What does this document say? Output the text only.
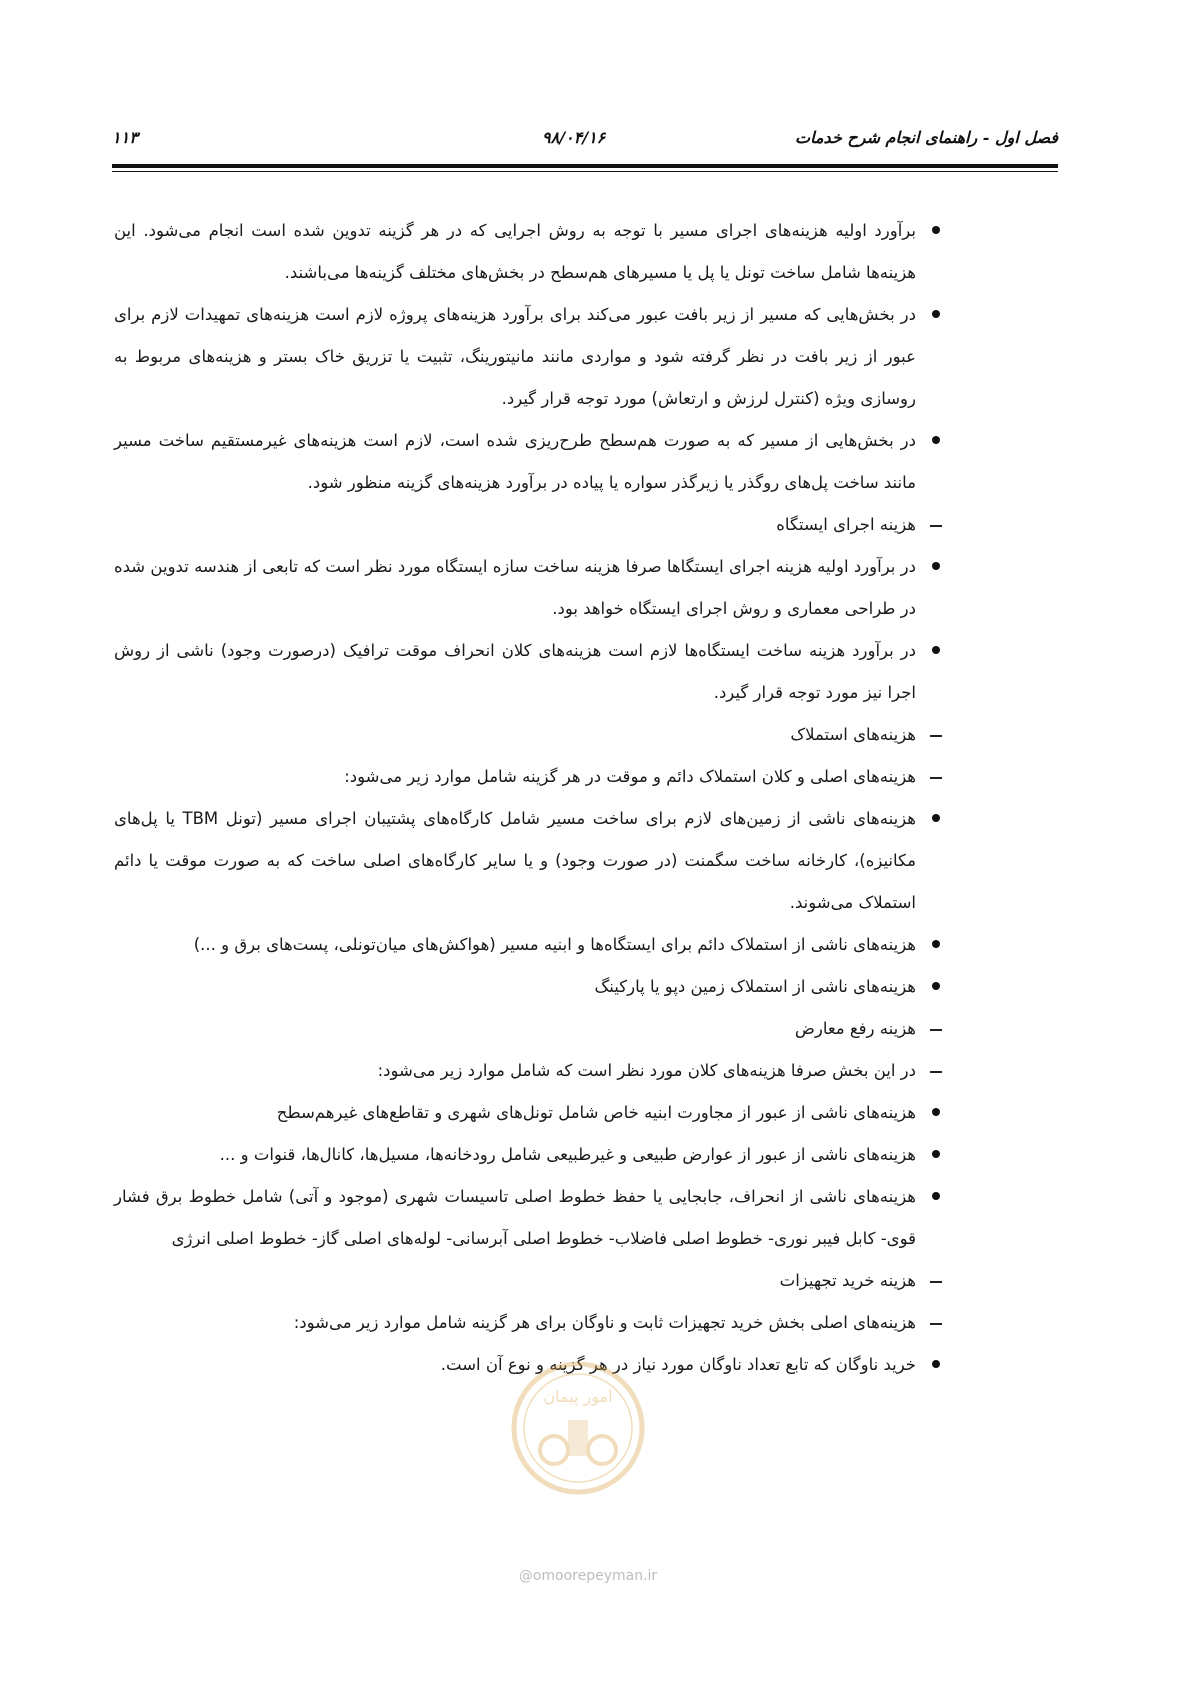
۱۱۳	۹۸/۰۴/۱۶	فصل اول - راهنمای انجام شرح خدمات
برآورد اولیه هزینه‌های اجرای مسیر با توجه به روش اجرایی که در هر گزینه تدوین شده است انجام می‌شود. این هزینه‌ها شامل ساخت تونل یا پل یا مسیرهای هم‌سطح در بخش‌های مختلف گزینه‌ها می‌باشند.
در بخش‌هایی که مسیر از زیر بافت عبور می‌کند برای برآورد هزینه‌های پروژه لازم است هزینه‌های تمهیدات لازم برای عبور از زیر بافت در نظر گرفته شود و مواردی مانند مانیتورینگ، تثبیت یا تزریق خاک بستر و هزینه‌های مربوط به روسازی ویژه (کنترل لرزش و ارتعاش) مورد توجه قرار گیرد.
در بخش‌هایی از مسیر که به صورت هم‌سطح طرح‌ریزی شده است، لازم است هزینه‌های غیرمستقیم ساخت مسیر مانند ساخت پل‌های روگذر یا زیرگذر سواره یا پیاده در برآورد هزینه‌های گزینه منظور شود.
هزینه اجرای ایستگاه
در برآورد اولیه هزینه اجرای ایستگاها صرفا هزینه ساخت سازه ایستگاه مورد نظر است که تابعی از هندسه تدوین شده در طراحی معماری و روش اجرای ایستگاه خواهد بود.
در برآورد هزینه ساخت ایستگاه‌ها لازم است هزینه‌های کلان انحراف موقت ترافیک (درصورت وجود) ناشی از روش اجرا نیز مورد توجه قرار گیرد.
هزینه‌های استملاک
هزینه‌های اصلی و کلان استملاک دائم و موقت در هر گزینه شامل موارد زیر می‌شود:
هزینه‌های ناشی از زمین‌های لازم برای ساخت مسیر شامل کارگاه‌های پشتیبان اجرای مسیر (تونل TBM یا پل‌های مکانیزه)، کارخانه ساخت سگمنت (در صورت وجود) و یا سایر کارگاه‌های اصلی ساخت که به صورت موقت یا دائم استملاک می‌شوند.
هزینه‌های ناشی از استملاک دائم برای ایستگاه‌ها و ابنیه مسیر (هواکش‌های میان‌تونلی، پست‌های برق و ...)
هزینه‌های ناشی از استملاک زمین دپو یا پارکینگ
هزینه رفع معارض
در این بخش صرفا هزینه‌های کلان مورد نظر است که شامل موارد زیر می‌شود:
هزینه‌های ناشی از عبور از مجاورت ابنیه خاص شامل تونل‌های شهری و تقاطع‌های غیرهم‌سطح
هزینه‌های ناشی از عبور از عوارض طبیعی و غیرطبیعی شامل رودخانه‌ها، مسیل‌ها، کانال‌ها، قنوات و ...
هزینه‌های ناشی از انحراف، جابجایی یا حفظ خطوط اصلی تاسیسات شهری (موجود و آتی) شامل خطوط برق فشار قوی- کابل فیبر نوری- خطوط اصلی فاضلاب- خطوط اصلی آبرسانی- لوله‌های اصلی گاز- خطوط اصلی انرژی
هزینه خرید تجهیزات
هزینه‌های اصلی بخش خرید تجهیزات ثابت و ناوگان برای هر گزینه شامل موارد زیر می‌شود:
خرید ناوگان که تابع تعداد ناوگان مورد نیاز در هر گزینه و نوع آن است.
امور پیمان
@omoorepeyman.ir
